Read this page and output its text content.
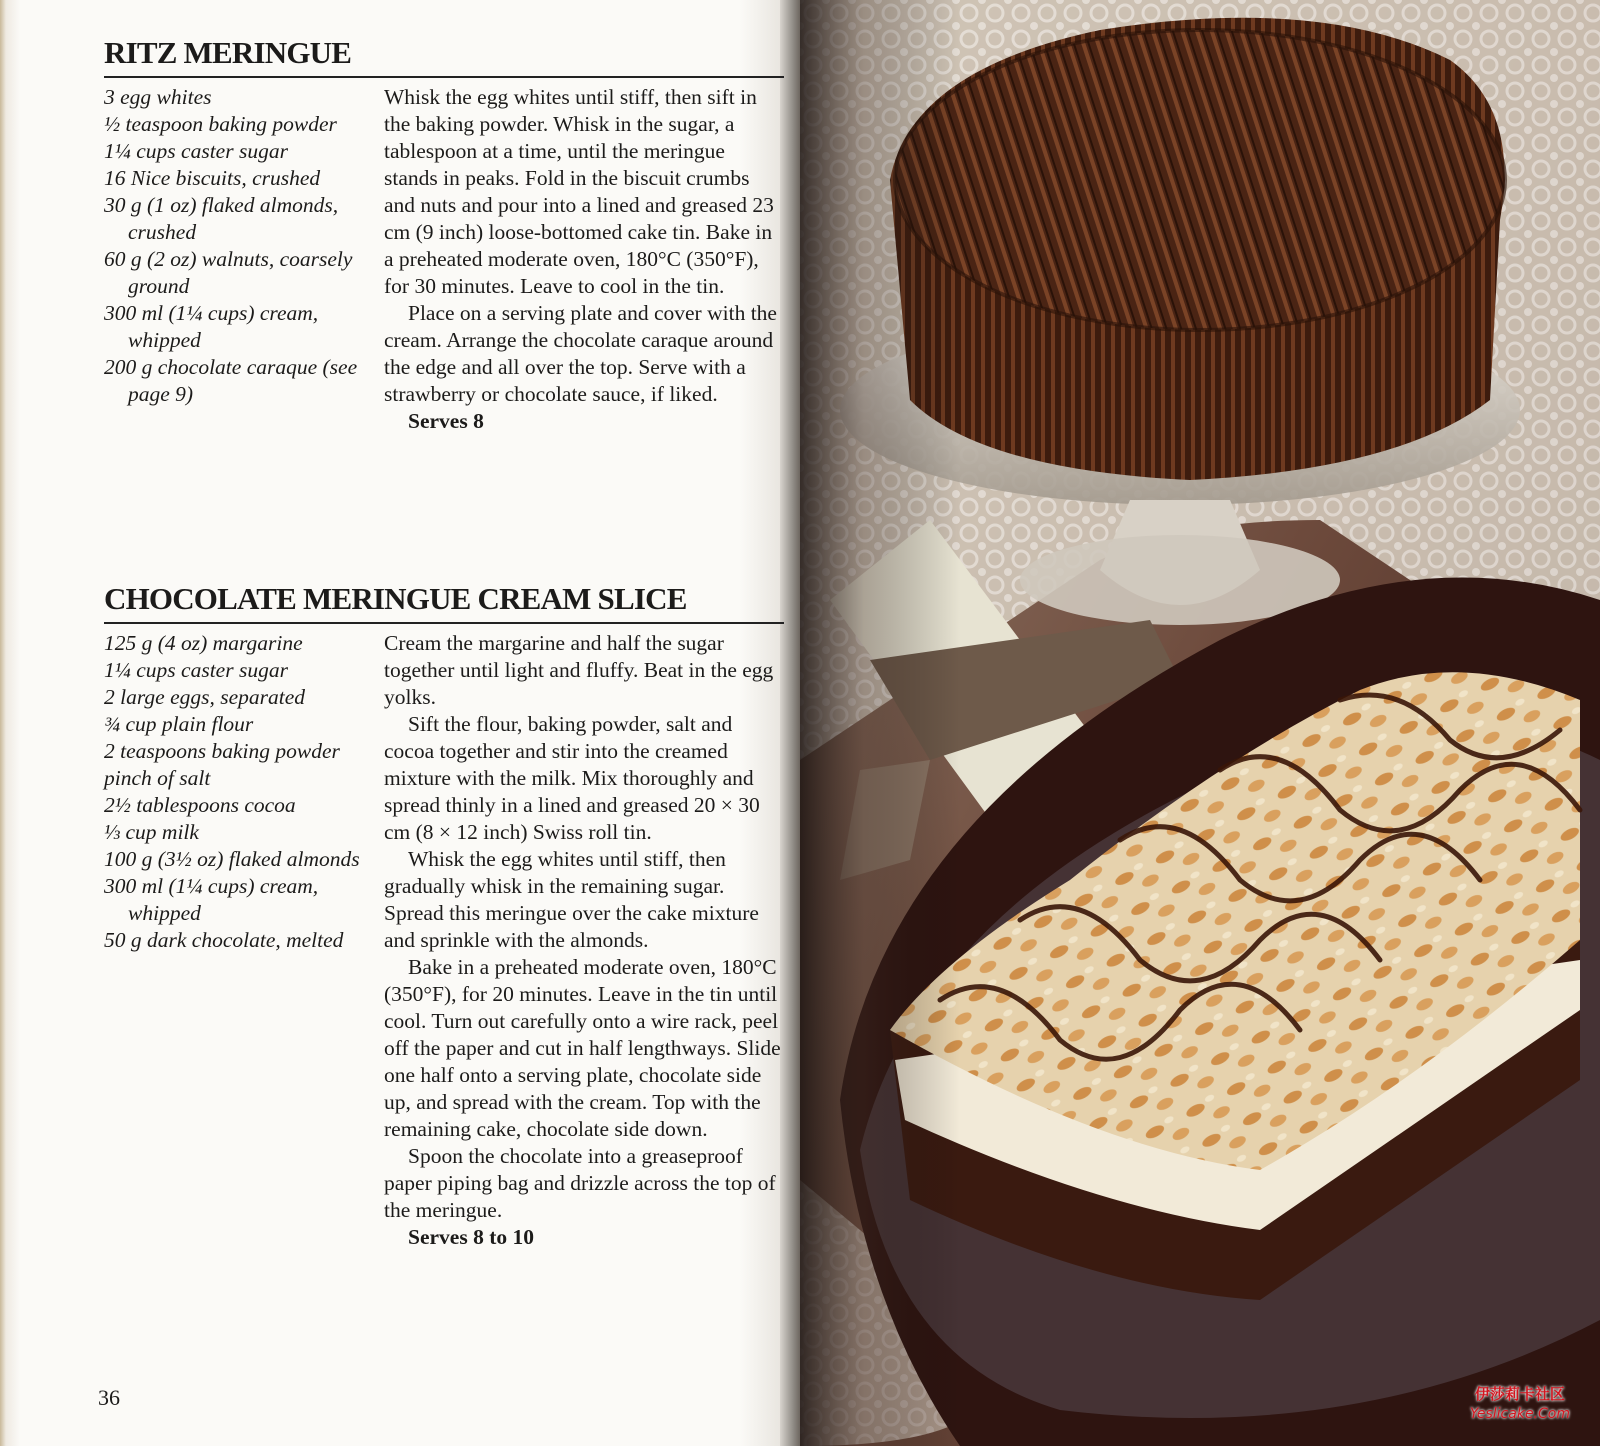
RITZ MERINGUE
3 egg whites
½ teaspoon baking powder
1¼ cups caster sugar
16 Nice biscuits, crushed
30 g (1 oz) flaked almonds, crushed
60 g (2 oz) walnuts, coarsely ground
300 ml (1¼ cups) cream, whipped
200 g chocolate caraque (see page 9)

Whisk the egg whites until stiff, then sift in the baking powder. Whisk in the sugar, a tablespoon at a time, until the meringue stands in peaks. Fold in the biscuit crumbs and nuts and pour into a lined and greased 23 cm (9 inch) loose-bottomed cake tin. Bake in a preheated moderate oven, 180°C (350°F), for 30 minutes. Leave to cool in the tin.

Place on a serving plate and cover with the cream. Arrange the chocolate caraque around the edge and all over the top. Serve with a strawberry or chocolate sauce, if liked.

Serves 8

CHOCOLATE MERINGUE CREAM SLICE
125 g (4 oz) margarine
1¼ cups caster sugar
2 large eggs, separated
¾ cup plain flour
2 teaspoons baking powder
pinch of salt
2½ tablespoons cocoa
⅓ cup milk
100 g (3½ oz) flaked almonds
300 ml (1¼ cups) cream, whipped
50 g dark chocolate, melted

Cream the margarine and half the sugar together until light and fluffy. Beat in the egg yolks.

Sift the flour, baking powder, salt and cocoa together and stir into the creamed mixture with the milk. Mix thoroughly and spread thinly in a lined and greased 20 × 30 cm (8 × 12 inch) Swiss roll tin.

Whisk the egg whites until stiff, then gradually whisk in the remaining sugar. Spread this meringue over the cake mixture and sprinkle with the almonds.

Bake in a preheated moderate oven, 180°C (350°F), for 20 minutes. Leave in the tin until cool. Turn out carefully onto a wire rack, peel off the paper and cut in half lengthways. Slide one half onto a serving plate, chocolate side up, and spread with the cream. Top with the remaining cake, chocolate side down.

Spoon the chocolate into a greaseproof paper piping bag and drizzle across the top of the meringue.

Serves 8 to 10

36	伊莎莉卡社区
Yeslicake.Com
